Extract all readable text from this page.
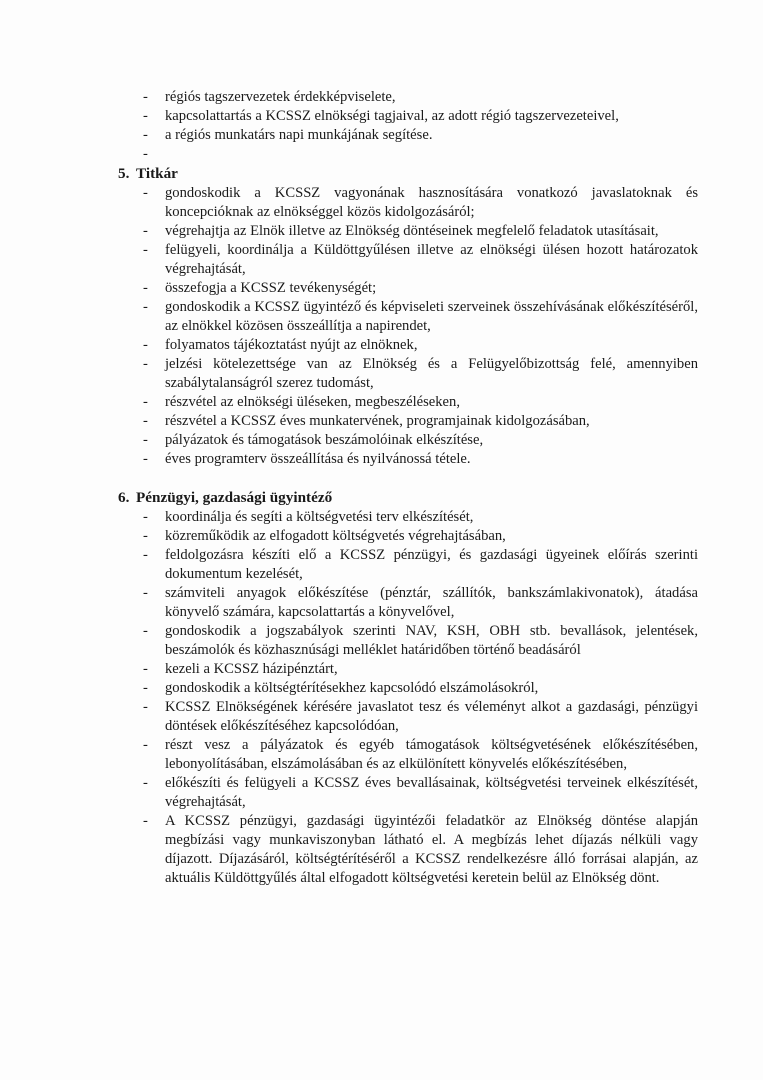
- régiós tagszervezetek érdekképviselete,
- kapcsolattartás a KCSSZ elnökségi tagjaival, az adott régió tagszervezeteivel,
- a régiós munkatárs napi munkájának segítése.
-
5. Titkár
- gondoskodik a KCSSZ vagyonának hasznosítására vonatkozó javaslatoknak és koncepcióknak az elnökséggel közös kidolgozásáról;
- végrehajtja az Elnök illetve az Elnökség döntéseinek megfelelő feladatok utasításait,
- felügyeli, koordinálja a Küldöttgyűlésen illetve az elnökségi ülésen hozott határozatok végrehajtását,
- összefogja a KCSSZ tevékenységét;
- gondoskodik a KCSSZ ügyintéző és képviseleti szerveinek összehívásának előkészítéséről, az elnökkel közösen összeállítja a napirendet,
- folyamatos tájékoztatást nyújt az elnöknek,
- jelzési kötelezettsége van az Elnökség és a Felügyelőbizottság felé, amennyiben szabálytalanságról szerez tudomást,
- részvétel az elnökségi üléseken, megbeszéléseken,
- részvétel a KCSSZ éves munkatervének, programjainak kidolgozásában,
- pályázatok és támogatások beszámolóinak elkészítése,
- éves programterv összeállítása és nyilvánossá tétele.
6. Pénzügyi, gazdasági ügyintéző
- koordinálja és segíti a költségvetési terv elkészítését,
- közreműködik az elfogadott költségvetés végrehajtásában,
- feldolgozásra készíti elő a KCSSZ pénzügyi, és gazdasági ügyeinek előírás szerinti dokumentum kezelését,
- számviteli anyagok előkészítése (pénztár, szállítók, bankszámlakivonatok), átadása könyvelő számára, kapcsolattartás a könyvelővel,
- gondoskodik a jogszabályok szerinti NAV, KSH, OBH stb. bevallások, jelentések, beszámolók és közhasznúsági melléklet határidőben történő beadásáról
- kezeli a KCSSZ házipénztárt,
- gondoskodik a költségtérítésekhez kapcsolódó elszámolásokról,
- KCSSZ Elnökségének kérésére javaslatot tesz és véleményt alkot a gazdasági, pénzügyi döntések előkészítéséhez kapcsolódóan,
- részt vesz a pályázatok és egyéb támogatások költségvetésének előkészítésében, lebonyolításában, elszámolásában és az elkülönített könyvelés előkészítésében,
- előkészíti és felügyeli a KCSSZ éves bevallásainak, költségvetési terveinek elkészítését, végrehajtását,
- A KCSSZ pénzügyi, gazdasági ügyintézői feladatkör az Elnökség döntése alapján megbízási vagy munkaviszonyban látható el. A megbízás lehet díjazás nélküli vagy díjazott. Díjazásáról, költségtérítéséről a KCSSZ rendelkezésre álló forrásai alapján, az aktuális Küldöttgyűlés által elfogadott költségvetési keretein belül az Elnökség dönt.
